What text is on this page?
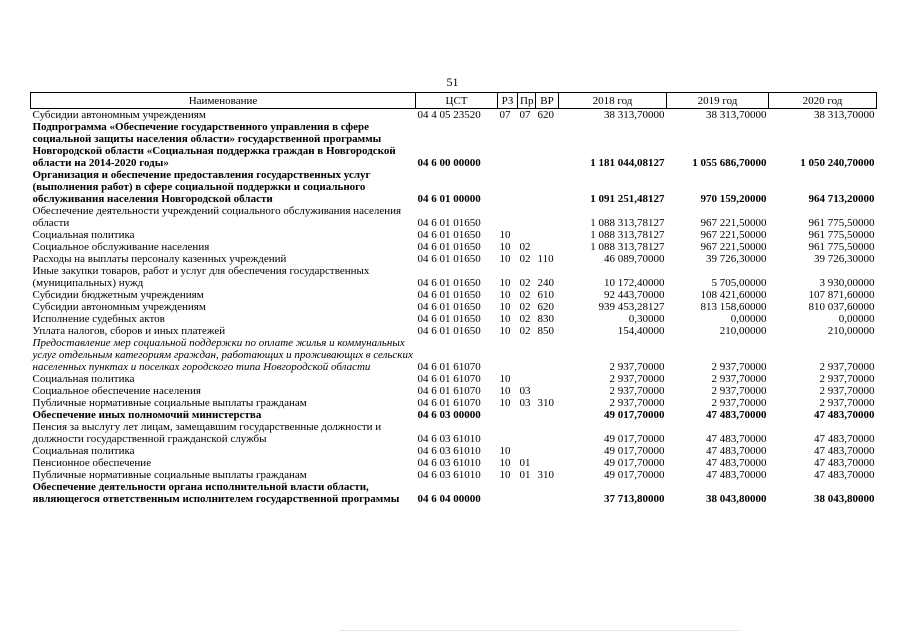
51
Наименование	ЦСТ	РЗ	Пр	ВР	2018 год	2019 год	2020 год
Субсидии автономным учреждениям	04 4 05 23520	07	07	620	38 313,70000	38 313,70000	38 313,70000
Подпрограмма «Обеспечение государственного управления в сфере социальной защиты населения области» государственной программы Новгородской области «Социальная поддержка граждан в Новгородской области на 2014-2020 годы»	04 6 00 00000				1 181 044,08127	1 055 686,70000	1 050 240,70000
Организация и обеспечение предоставления государственных услуг (выполнения работ) в сфере социальной поддержки и социального обслуживания населения Новгородской области	04 6 01 00000				1 091 251,48127	970 159,20000	964 713,20000
Обеспечение деятельности учреждений социального обслуживания населения области	04 6 01 01650				1 088 313,78127	967 221,50000	961 775,50000
Социальная политика	04 6 01 01650	10			1 088 313,78127	967 221,50000	961 775,50000
Социальное обслуживание населения	04 6 01 01650	10	02		1 088 313,78127	967 221,50000	961 775,50000
Расходы на выплаты персоналу казенных учреждений	04 6 01 01650	10	02	110	46 089,70000	39 726,30000	39 726,30000
Иные закупки товаров, работ и услуг для обеспечения государственных (муниципальных) нужд	04 6 01 01650	10	02	240	10 172,40000	5 705,00000	3 930,00000
Субсидии бюджетным учреждениям	04 6 01 01650	10	02	610	92 443,70000	108 421,60000	107 871,60000
Субсидии автономным учреждениям	04 6 01 01650	10	02	620	939 453,28127	813 158,60000	810 037,60000
Исполнение судебных актов	04 6 01 01650	10	02	830	0,30000	0,00000	0,00000
Уплата налогов, сборов и иных платежей	04 6 01 01650	10	02	850	154,40000	210,00000	210,00000
Предоставление мер социальной поддержки по оплате жилья и коммунальных услуг отдельным категориям граждан, работающих и проживающих в сельских населенных пунктах и поселках городского типа Новгородской области	04 6 01 61070				2 937,70000	2 937,70000	2 937,70000
Социальная политика	04 6 01 61070	10			2 937,70000	2 937,70000	2 937,70000
Социальное обеспечение населения	04 6 01 61070	10	03		2 937,70000	2 937,70000	2 937,70000
Публичные нормативные социальные выплаты гражданам	04 6 01 61070	10	03	310	2 937,70000	2 937,70000	2 937,70000
Обеспечение иных полномочий министерства	04 6 03 00000				49 017,70000	47 483,70000	47 483,70000
Пенсия за выслугу лет лицам, замещавшим государственные должности и должности государственной гражданской службы	04 6 03 61010				49 017,70000	47 483,70000	47 483,70000
Социальная политика	04 6 03 61010	10			49 017,70000	47 483,70000	47 483,70000
Пенсионное обеспечение	04 6 03 61010	10	01		49 017,70000	47 483,70000	47 483,70000
Публичные нормативные социальные выплаты гражданам	04 6 03 61010	10	01	310	49 017,70000	47 483,70000	47 483,70000
Обеспечение деятельности органа исполнительной власти области, являющегося ответственным исполнителем государственной программы	04 6 04 00000				37 713,80000	38 043,80000	38 043,80000
